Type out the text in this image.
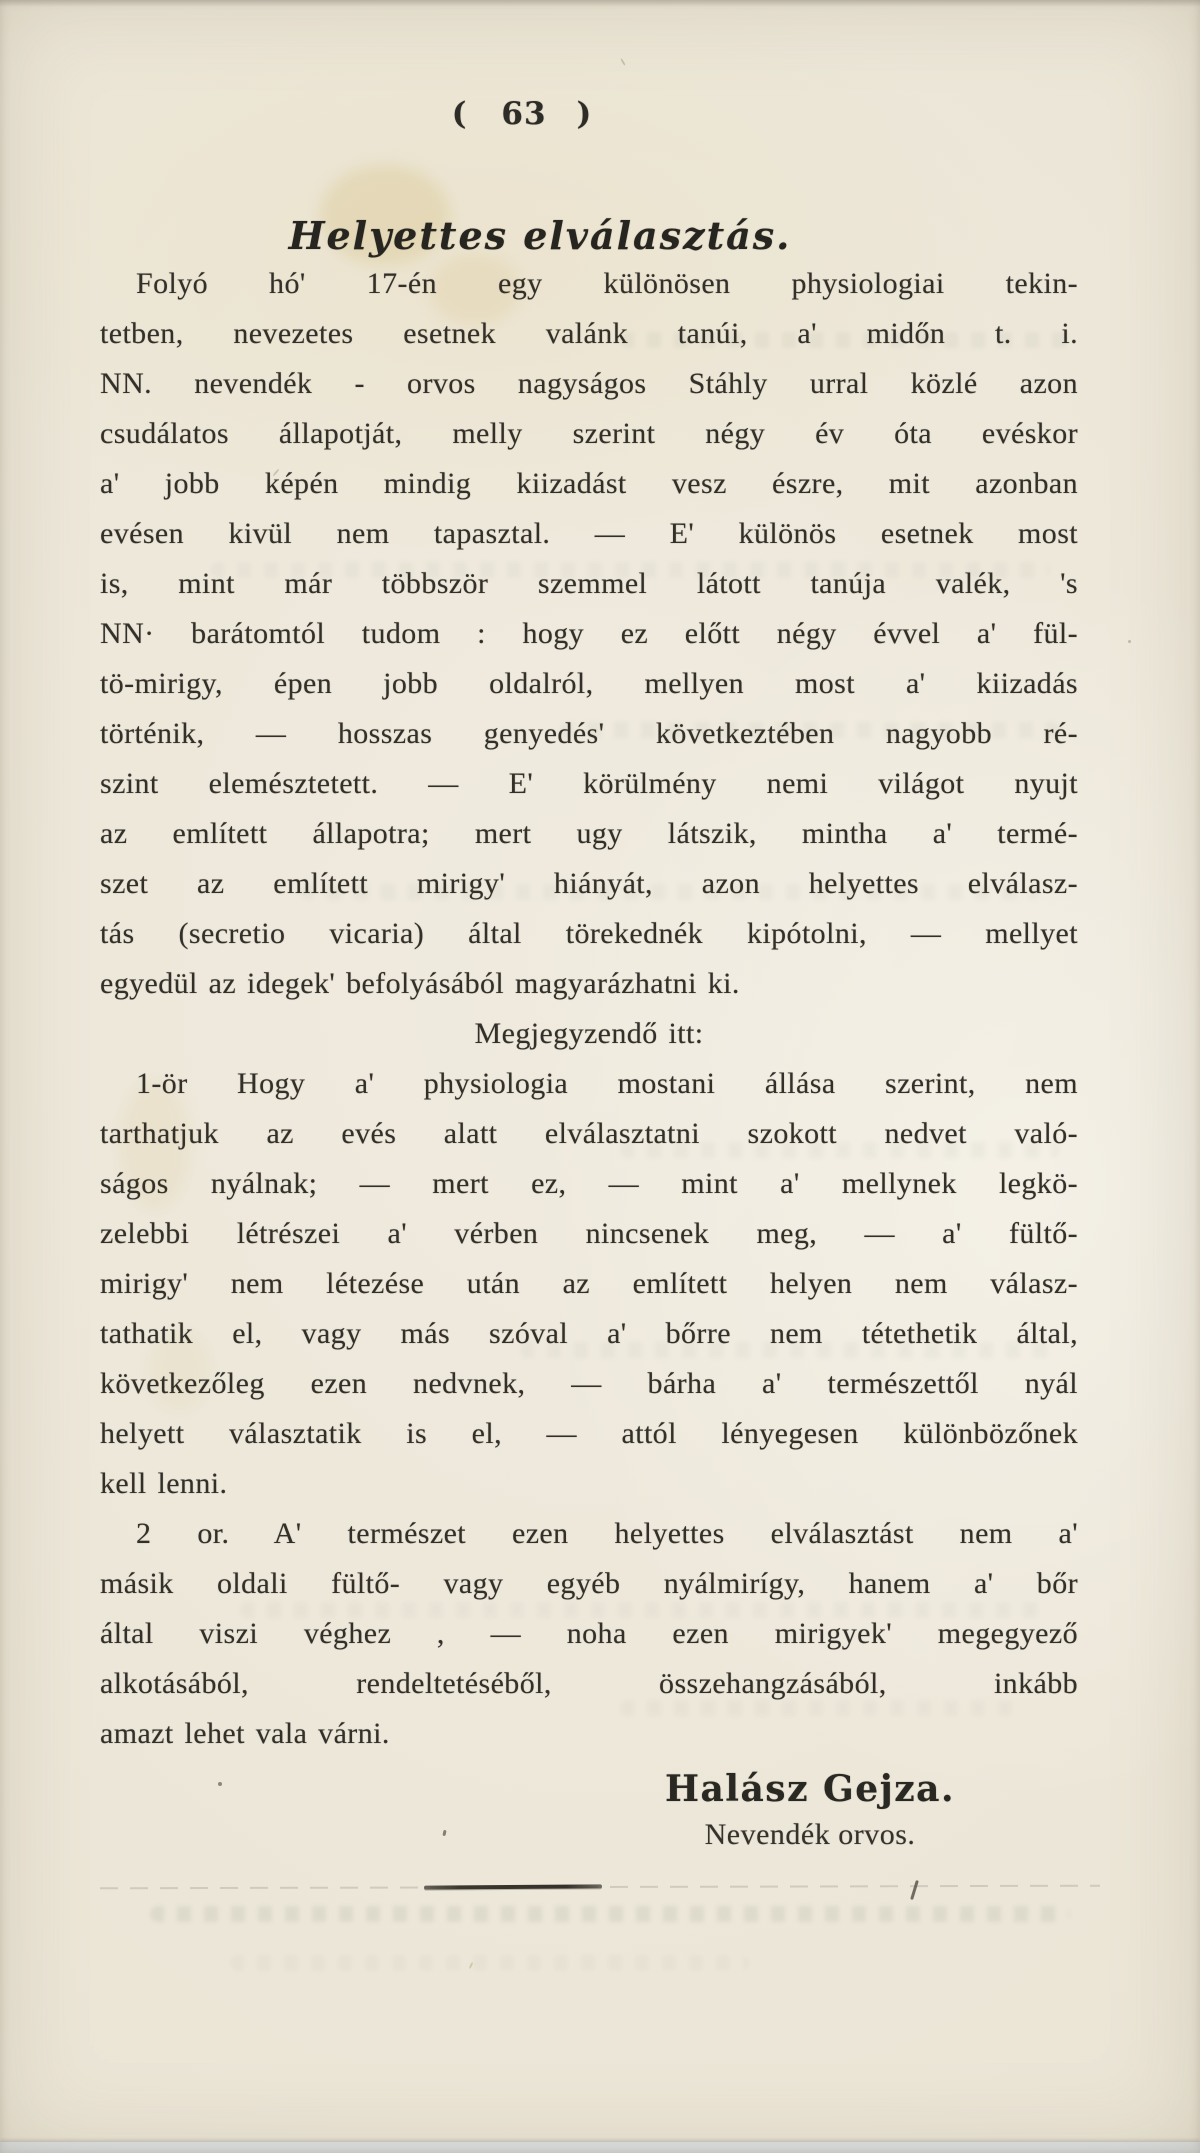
( 63 )
Helyettes elválasztás.
Folyó hó' 17-én egy különösen physiologiai tekin-
tetben, nevezetes esetnek valánk tanúi, a' midőn t. i.
NN. nevendék - orvos nagyságos Stáhly urral közlé azon
csudálatos állapotját, melly szerint négy év óta evéskor
a' jobb képén mindig kiizadást vesz észre, mit azonban
evésen kivül nem tapasztal. — E' különös esetnek most
is, mint már többször szemmel látott tanúja valék, 's
NN· barátomtól tudom : hogy ez előtt négy évvel a' fül-
tö-mirigy, épen jobb oldalról, mellyen most a' kiizadás
történik, — hosszas genyedés' következtében nagyobb ré-
szint elemésztetett. — E' körülmény nemi világot nyujt
az említett állapotra; mert ugy látszik, mintha a' termé-
szet az említett mirigy' hiányát, azon helyettes elválasz-
tás (secretio vicaria) által törekednék kipótolni, — mellyet
egyedül az idegek' befolyásából magyarázhatni ki.
Megjegyzendő itt:
1-ör Hogy a' physiologia mostani állása szerint, nem
tarthatjuk az evés alatt elválasztatni szokott nedvet való-
ságos nyálnak; — mert ez, — mint a' mellynek legkö-
zelebbi létrészei a' vérben nincsenek meg, — a' fültő-
mirigy' nem létezése után az említett helyen nem válasz-
tathatik el, vagy más szóval a' bőrre nem tétethetik által,
következőleg ezen nedvnek, — bárha a' természettől nyál
helyett választatik is el, — attól lényegesen különbözőnek
kell lenni.
2 or. A' természet ezen helyettes elválasztást nem a'
másik oldali fültő- vagy egyéb nyálmirígy, hanem a' bőr
által viszi véghez , — noha ezen mirigyek' megegyező
alkotásából, rendeltetéséből, összehangzásából, inkább
amazt lehet vala várni.
Halász Gejza.
Nevendék orvos.
